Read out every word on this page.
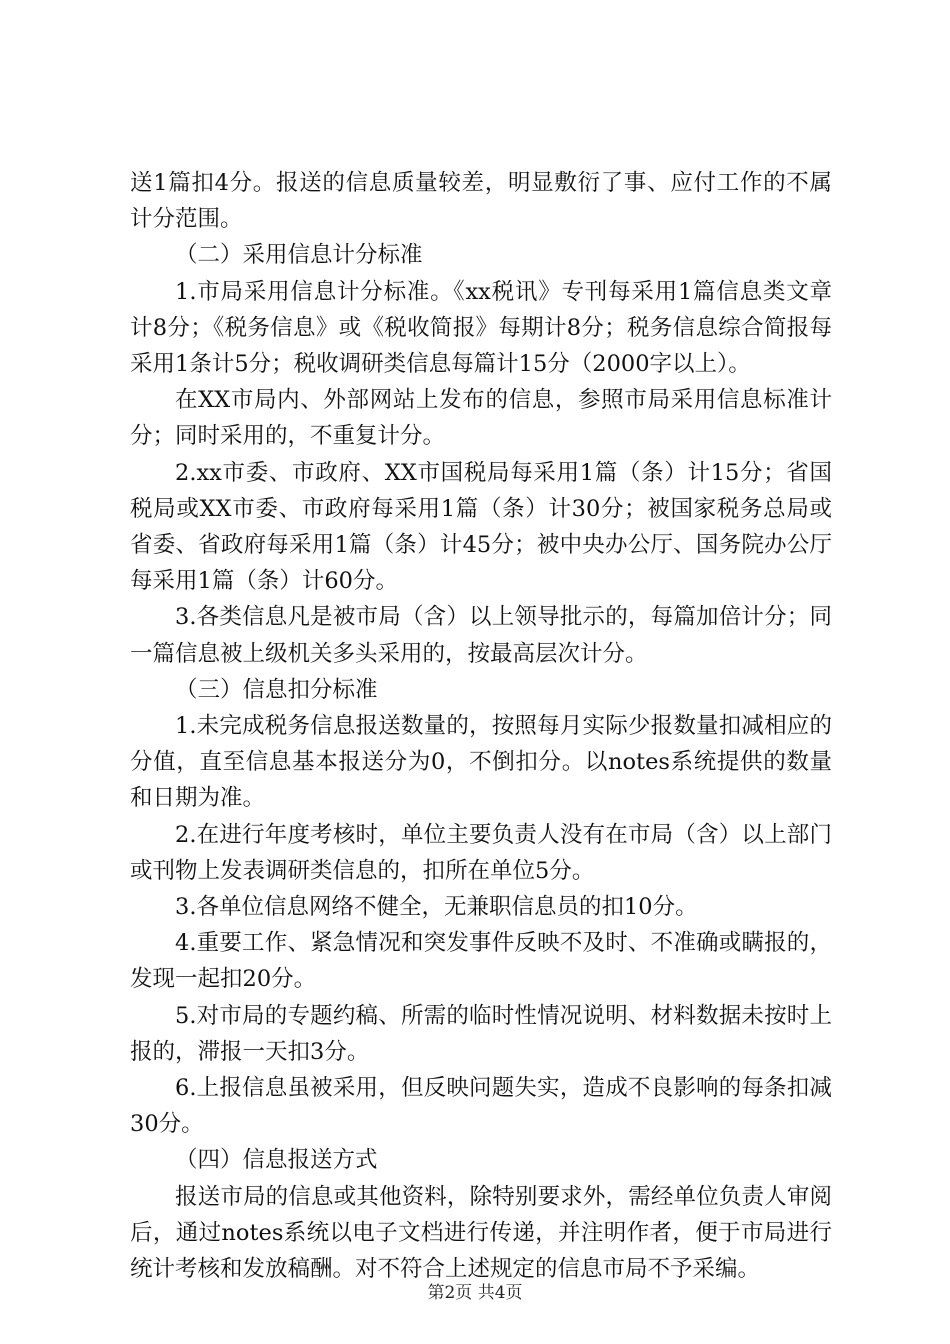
送1篇扣4分。报送的信息质量较差，明显敷衍了事、应付工作的不属计分范围。

（二）采用信息计分标准

1.市局采用信息计分标准。《xx税讯》专刊每采用1篇信息类文章计8分；《税务信息》或《税收简报》每期计8分；税务信息综合简报每采用1条计5分；税收调研类信息每篇计15分（2000字以上）。

在XX市局内、外部网站上发布的信息，参照市局采用信息标准计分；同时采用的，不重复计分。

2.xx市委、市政府、XX市国税局每采用1篇（条）计15分；省国税局或XX市委、市政府每采用1篇（条）计30分；被国家税务总局或省委、省政府每采用1篇（条）计45分；被中央办公厅、国务院办公厅每采用1篇（条）计60分。

3.各类信息凡是被市局（含）以上领导批示的，每篇加倍计分；同一篇信息被上级机关多头采用的，按最高层次计分。

（三）信息扣分标准

1.未完成税务信息报送数量的，按照每月实际少报数量扣减相应的分值，直至信息基本报送分为0，不倒扣分。以notes系统提供的数量和日期为准。

2.在进行年度考核时，单位主要负责人没有在市局（含）以上部门或刊物上发表调研类信息的，扣所在单位5分。

3.各单位信息网络不健全，无兼职信息员的扣10分。

4.重要工作、紧急情况和突发事件反映不及时、不准确或瞒报的，发现一起扣20分。

5.对市局的专题约稿、所需的临时性情况说明、材料数据未按时上报的，滞报一天扣3分。

6.上报信息虽被采用，但反映问题失实，造成不良影响的每条扣减30分。

（四）信息报送方式

报送市局的信息或其他资料，除特别要求外，需经单位负责人审阅后，通过notes系统以电子文档进行传递，并注明作者，便于市局进行统计考核和发放稿酬。对不符合上述规定的信息市局不予采编。

第2页 共4页
